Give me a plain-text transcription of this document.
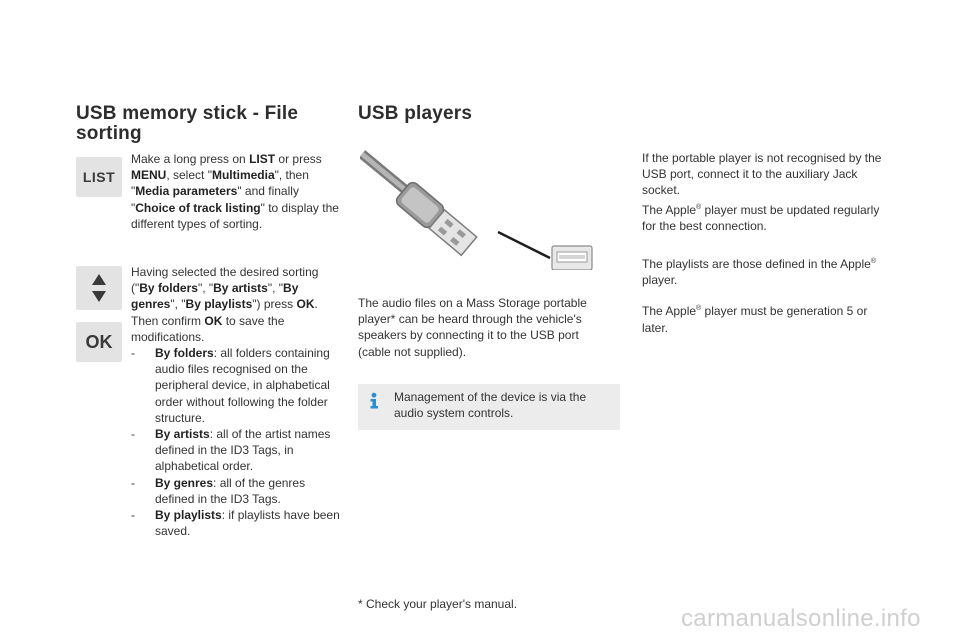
USB memory stick - File
sorting
LIST
Make a long press on LIST or press MENU, select "Multimedia", then "Media parameters" and finally "Choice of track listing" to display the different types of sorting.
OK
Having selected the desired sorting ("By folders", "By artists", "By genres", "By playlists") press OK.
Then confirm OK to save the modifications.
- By folders: all folders containing audio files recognised on the peripheral device, in alphabetical order without following the folder structure.
- By artists: all of the artist names defined in the ID3 Tags, in alphabetical order.
- By genres: all of the genres defined in the ID3 Tags.
- By playlists: if playlists have been saved.
USB players
The audio files on a Mass Storage portable player* can be heard through the vehicle's speakers by connecting it to the USB port (cable not supplied).
Management of the device is via the audio system controls.
* Check your player's manual.

If the portable player is not recognised by the USB port, connect it to the auxiliary Jack socket.

The Apple® player must be updated regularly for the best connection.

The playlists are those defined in the Apple® player.

The Apple® player must be generation 5 or later.

carmanualsonline.info
